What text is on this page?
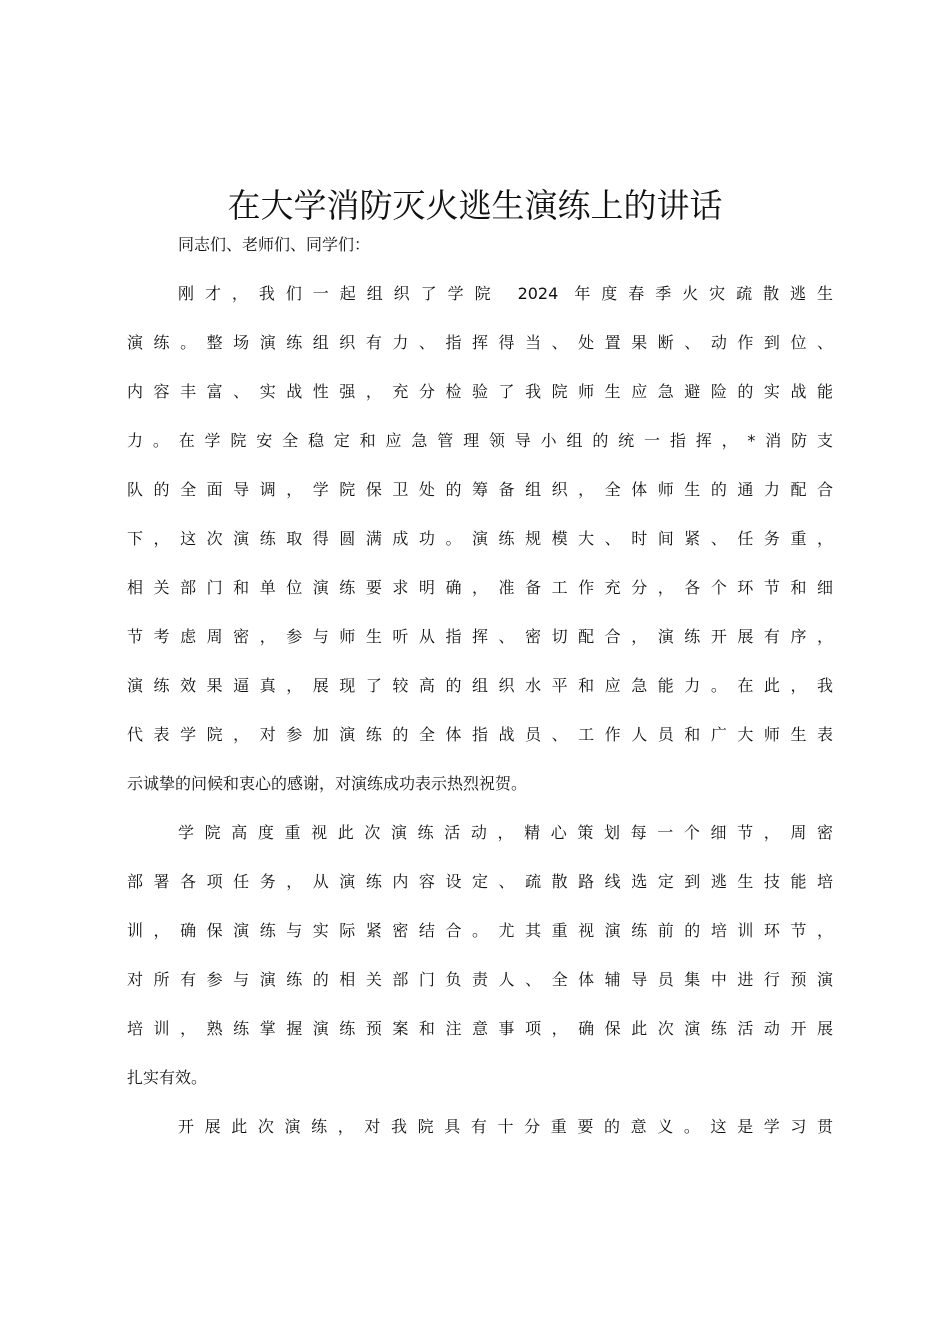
在大学消防灭火逃生演练上的讲话
同志们、老师们、同学们：
刚才，我们一起组织了学院 2024 年度春季火灾疏散逃生
演练。整场演练组织有力、指挥得当、处置果断、动作到位、
内容丰富、实战性强，充分检验了我院师生应急避险的实战能
力。在学院安全稳定和应急管理领导小组的统一指挥，*消防支
队的全面导调，学院保卫处的筹备组织，全体师生的通力配合
下，这次演练取得圆满成功。演练规模大、时间紧、任务重，
相关部门和单位演练要求明确，准备工作充分，各个环节和细
节考虑周密，参与师生听从指挥、密切配合，演练开展有序，
演练效果逼真，展现了较高的组织水平和应急能力。在此，我
代表学院，对参加演练的全体指战员、工作人员和广大师生表
示诚挚的问候和衷心的感谢，对演练成功表示热烈祝贺。
学院高度重视此次演练活动，精心策划每一个细节，周密
部署各项任务，从演练内容设定、疏散路线选定到逃生技能培
训，确保演练与实际紧密结合。尤其重视演练前的培训环节，
对所有参与演练的相关部门负责人、全体辅导员集中进行预演
培训，熟练掌握演练预案和注意事项，确保此次演练活动开展
扎实有效。
开展此次演练，对我院具有十分重要的意义。这是学习贯
